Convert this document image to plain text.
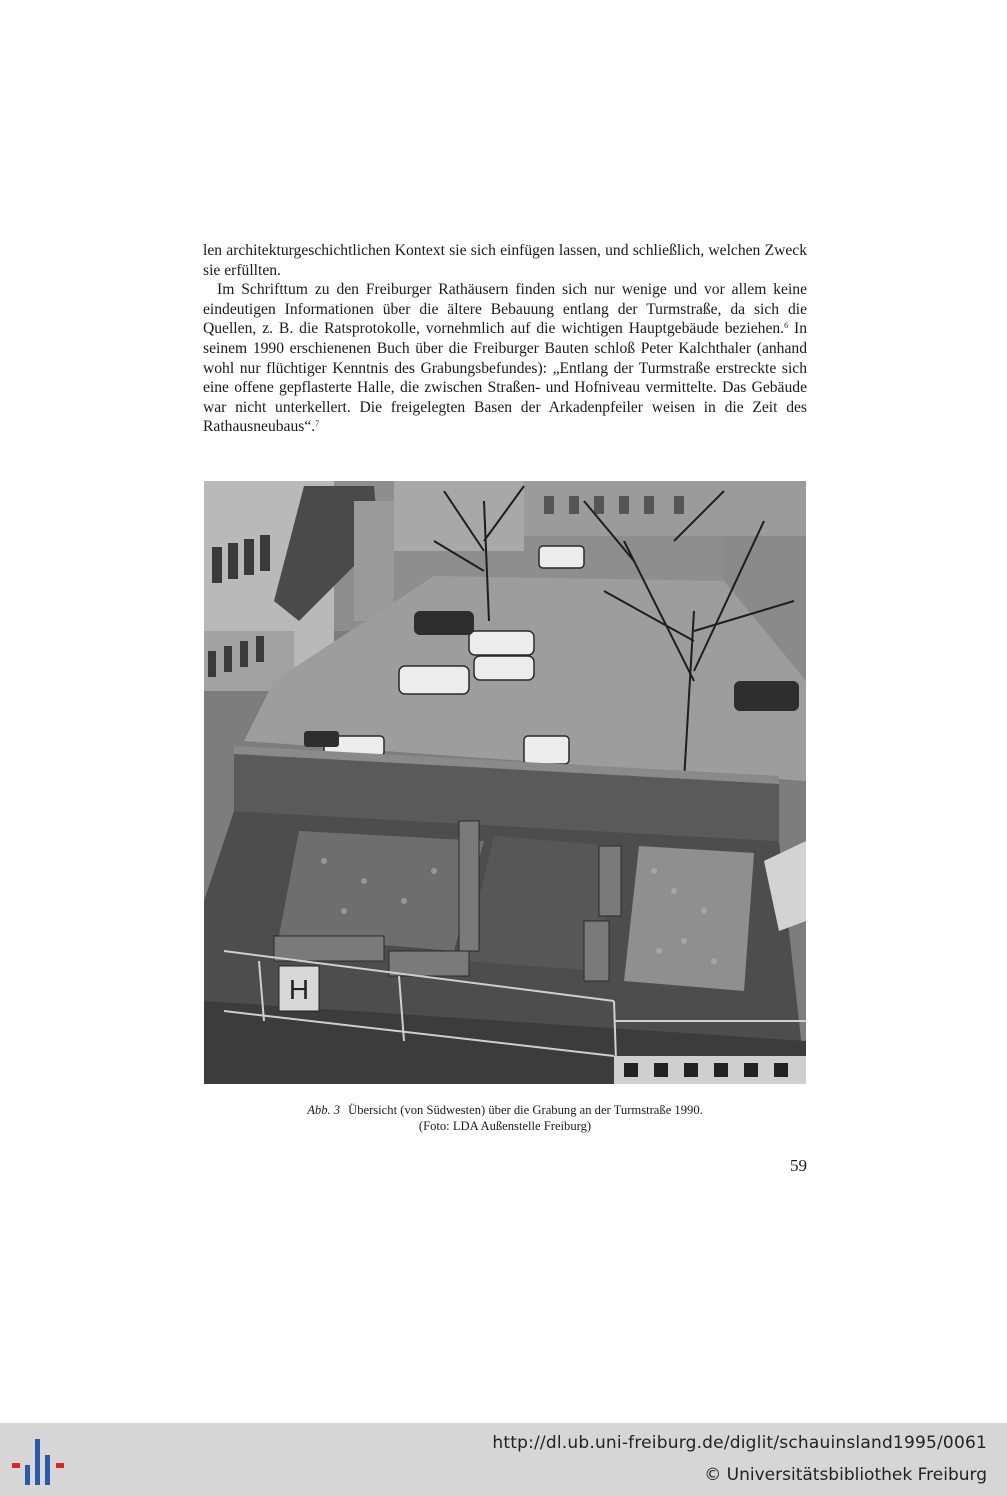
len architekturgeschichtlichen Kontext sie sich einfügen lassen, und schließlich, welchen Zweck sie erfüllten.

Im Schrifttum zu den Freiburger Rathäusern finden sich nur wenige und vor allem keine eindeutigen Informationen über die ältere Bebauung entlang der Turmstraße, da sich die Quellen, z. B. die Ratsprotokolle, vornehmlich auf die wichtigen Hauptgebäude beziehen.$^6$ In seinem 1990 erschienenen Buch über die Freiburger Bauten schloß Peter Kalchthaler (anhand wohl nur flüchtiger Kenntnis des Grabungsbefundes): „Entlang der Turmstraße erstreckte sich eine offene gepflasterte Halle, die zwischen Straßen- und Hofniveau vermittelte. Das Gebäude war nicht unterkellert. Die freigelegten Basen der Arkadenpfeiler weisen in die Zeit des Rathausneubaus“.$^7$

H
Abb. 3 Übersicht (von Südwesten) über die Grabung an der Turmstraße 1990.
(Foto: LDA Außenstelle Freiburg)
59
http://dl.ub.uni-freiburg.de/diglit/schauinsland1995/0061
© Universitätsbibliothek Freiburg
